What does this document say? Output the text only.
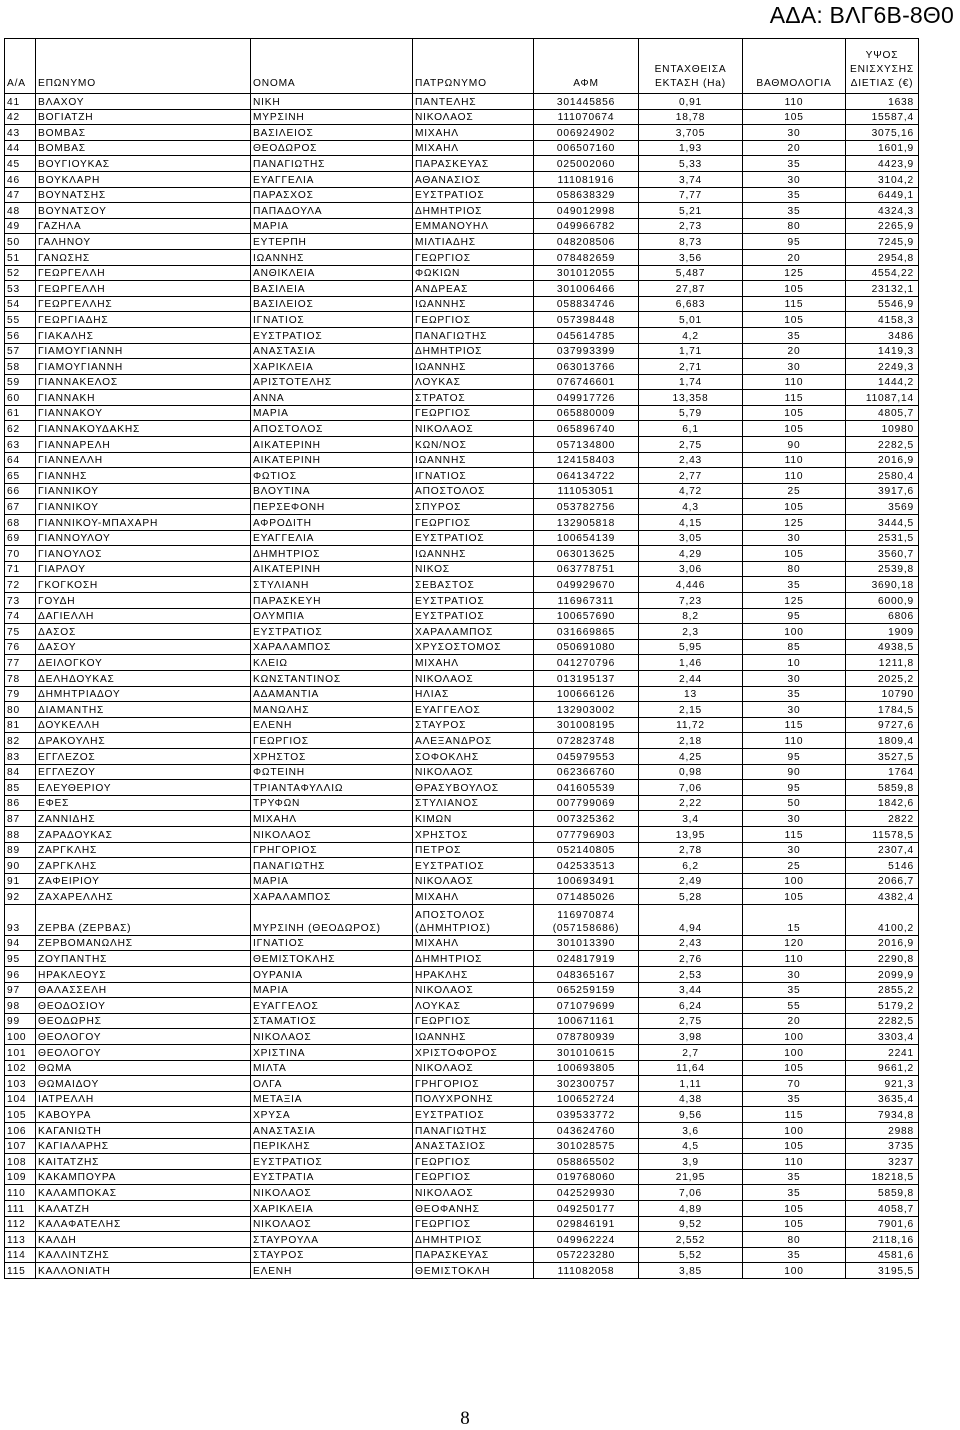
ΑΔΑ: ΒΛΓ6Β-8Θ0
Α/Α	ΕΠΩΝΥΜΟ	ΟΝΟΜΑ	ΠΑΤΡΩΝΥΜΟ	ΑΦΜ	ΕΝΤΑΧΘΕΙΣΑ ΕΚΤΑΣΗ (Ha)	ΒΑΘΜΟΛΟΓΙΑ	ΥΨΟΣ ΕΝΙΣΧΥΣΗΣ ΔΙΕΤΙΑΣ (€)
41	ΒΛΑΧΟΥ	ΝΙΚΗ	ΠΑΝΤΕΛΗΣ	301445856	0,91	110	1638
42	ΒΟΓΙΑΤΖΗ	ΜΥΡΣΙΝΗ	ΝΙΚΟΛΑΟΣ	111070674	18,78	105	15587,4
43	ΒΟΜΒΑΣ	ΒΑΣΙΛΕΙΟΣ	ΜΙΧΑΗΛ	006924902	3,705	30	3075,16
44	ΒΟΜΒΑΣ	ΘΕΟΔΩΡΟΣ	ΜΙΧΑΗΛ	006507160	1,93	20	1601,9
45	ΒΟΥΓΙΟΥΚΑΣ	ΠΑΝΑΓΙΩΤΗΣ	ΠΑΡΑΣΚΕΥΑΣ	025002060	5,33	35	4423,9
46	ΒΟΥΚΛΑΡΗ	ΕΥΑΓΓΕΛΙΑ	ΑΘΑΝΑΣΙΟΣ	111081916	3,74	30	3104,2
47	ΒΟΥΝΑΤΣΗΣ	ΠΑΡΑΣΧΟΣ	ΕΥΣΤΡΑΤΙΟΣ	058638329	7,77	35	6449,1
48	ΒΟΥΝΑΤΣΟΥ	ΠΑΠΑΔΟΥΛΑ	ΔΗΜΗΤΡΙΟΣ	049012998	5,21	35	4324,3
49	ΓΑΖΗΛΑ	ΜΑΡΙΑ	ΕΜΜΑΝΟΥΗΛ	049966782	2,73	80	2265,9
50	ΓΑΛΗΝΟΥ	ΕΥΤΕΡΠΗ	ΜΙΛΤΙΑΔΗΣ	048208506	8,73	95	7245,9
51	ΓΑΝΩΣΗΣ	ΙΩΑΝΝΗΣ	ΓΕΩΡΓΙΟΣ	078482659	3,56	20	2954,8
52	ΓΕΩΡΓΕΛΛΗ	ΑΝΘΙΚΛΕΙΑ	ΦΩΚΙΩΝ	301012055	5,487	125	4554,22
53	ΓΕΩΡΓΕΛΛΗ	ΒΑΣΙΛΕΙΑ	ΑΝΔΡΕΑΣ	301006466	27,87	105	23132,1
54	ΓΕΩΡΓΕΛΛΗΣ	ΒΑΣΙΛΕΙΟΣ	ΙΩΑΝΝΗΣ	058834746	6,683	115	5546,9
55	ΓΕΩΡΓΙΑΔΗΣ	ΙΓΝΑΤΙΟΣ	ΓΕΩΡΓΙΟΣ	057398448	5,01	105	4158,3
56	ΓΙΑΚΑΛΗΣ	ΕΥΣΤΡΑΤΙΟΣ	ΠΑΝΑΓΙΩΤΗΣ	045614785	4,2	35	3486
57	ΓΙΑΜΟΥΓΙΑΝΝΗ	ΑΝΑΣΤΑΣΙΑ	ΔΗΜΗΤΡΙΟΣ	037993399	1,71	20	1419,3
58	ΓΙΑΜΟΥΓΙΑΝΝΗ	ΧΑΡΙΚΛΕΙΑ	ΙΩΑΝΝΗΣ	063013766	2,71	30	2249,3
59	ΓΙΑΝΝΑΚΕΛΟΣ	ΑΡΙΣΤΟΤΕΛΗΣ	ΛΟΥΚΑΣ	076746601	1,74	110	1444,2
60	ΓΙΑΝΝΑΚΗ	ΑΝΝΑ	ΣΤΡΑΤΟΣ	049917726	13,358	115	11087,14
61	ΓΙΑΝΝΑΚΟΥ	ΜΑΡΙΑ	ΓΕΩΡΓΙΟΣ	065880009	5,79	105	4805,7
62	ΓΙΑΝΝΑΚΟΥΔΑΚΗΣ	ΑΠΟΣΤΟΛΟΣ	ΝΙΚΟΛΑΟΣ	065896740	6,1	105	10980
63	ΓΙΑΝΝΑΡΕΛΗ	ΑΙΚΑΤΕΡΙΝΗ	ΚΩΝ/ΝΟΣ	057134800	2,75	90	2282,5
64	ΓΙΑΝΝΕΛΛΗ	ΑΙΚΑΤΕΡΙΝΗ	ΙΩΑΝΝΗΣ	124158403	2,43	110	2016,9
65	ΓΙΑΝΝΗΣ	ΦΩΤΙΟΣ	ΙΓΝΑΤΙΟΣ	064134722	2,77	110	2580,4
66	ΓΙΑΝΝΙΚΟΥ	ΒΛΟΥΤΙΝΑ	ΑΠΟΣΤΟΛΟΣ	111053051	4,72	25	3917,6
67	ΓΙΑΝΝΙΚΟΥ	ΠΕΡΣΕΦΟΝΗ	ΣΠΥΡΟΣ	053782756	4,3	105	3569
68	ΓΙΑΝΝΙΚΟΥ-ΜΠΑΧΑΡΗ	ΑΦΡΟΔΙΤΗ	ΓΕΩΡΓΙΟΣ	132905818	4,15	125	3444,5
69	ΓΙΑΝΝΟΥΛΟΥ	ΕΥΑΓΓΕΛΙΑ	ΕΥΣΤΡΑΤΙΟΣ	100654139	3,05	30	2531,5
70	ΓΙΑΝΟΥΛΟΣ	ΔΗΜΗΤΡΙΟΣ	ΙΩΑΝΝΗΣ	063013625	4,29	105	3560,7
71	ΓΙΑΡΛΟΥ	ΑΙΚΑΤΕΡΙΝΗ	ΝΙΚΟΣ	063778751	3,06	80	2539,8
72	ΓΚΟΓΚΟΣΗ	ΣΤΥΛΙΑΝΗ	ΣΕΒΑΣΤΟΣ	049929670	4,446	35	3690,18
73	ΓΟΥΔΗ	ΠΑΡΑΣΚΕΥΗ	ΕΥΣΤΡΑΤΙΟΣ	116967311	7,23	125	6000,9
74	ΔΑΓΙΕΛΛΗ	ΟΛΥΜΠΙΑ	ΕΥΣΤΡΑΤΙΟΣ	100657690	8,2	95	6806
75	ΔΑΣΟΣ	ΕΥΣΤΡΑΤΙΟΣ	ΧΑΡΑΛΑΜΠΟΣ	031669865	2,3	100	1909
76	ΔΑΣΟΥ	ΧΑΡΑΛΑΜΠΟΣ	ΧΡΥΣΟΣΤΟΜΟΣ	050691080	5,95	85	4938,5
77	ΔΕΙΛΟΓΚΟΥ	ΚΛΕΙΩ	ΜΙΧΑΗΛ	041270796	1,46	10	1211,8
78	ΔΕΛΗΔΟΥΚΑΣ	ΚΩΝΣΤΑΝΤΙΝΟΣ	ΝΙΚΟΛΑΟΣ	013195137	2,44	30	2025,2
79	ΔΗΜΗΤΡΙΑΔΟΥ	ΑΔΑΜΑΝΤΙΑ	ΗΛΙΑΣ	100666126	13	35	10790
80	ΔΙΑΜΑΝΤΗΣ	ΜΑΝΩΛΗΣ	ΕΥΑΓΓΕΛΟΣ	132903002	2,15	30	1784,5
81	ΔΟΥΚΕΛΛΗ	ΕΛΕΝΗ	ΣΤΑΥΡΟΣ	301008195	11,72	115	9727,6
82	ΔΡΑΚΟΥΛΗΣ	ΓΕΩΡΓΙΟΣ	ΑΛΕΞΑΝΔΡΟΣ	072823748	2,18	110	1809,4
83	ΕΓΓΛΕΖΟΣ	ΧΡΗΣΤΟΣ	ΣΟΦΟΚΛΗΣ	045979553	4,25	95	3527,5
84	ΕΓΓΛΕΖΟΥ	ΦΩΤΕΙΝΗ	ΝΙΚΟΛΑΟΣ	062366760	0,98	90	1764
85	ΕΛΕΥΘΕΡΙΟΥ	ΤΡΙΑΝΤΑΦΥΛΛΙΩ	ΘΡΑΣΥΒΟΥΛΟΣ	041605539	7,06	95	5859,8
86	ΕΦΕΣ	ΤΡΥΦΩΝ	ΣΤΥΛΙΑΝΟΣ	007799069	2,22	50	1842,6
87	ΖΑΝΝΙΔΗΣ	ΜΙΧΑΗΛ	ΚΙΜΩΝ	007325362	3,4	30	2822
88	ΖΑΡΑΔΟΥΚΑΣ	ΝΙΚΟΛΑΟΣ	ΧΡΗΣΤΟΣ	077796903	13,95	115	11578,5
89	ΖΑΡΓΚΛΗΣ	ΓΡΗΓΟΡΙΟΣ	ΠΕΤΡΟΣ	052140805	2,78	30	2307,4
90	ΖΑΡΓΚΛΗΣ	ΠΑΝΑΓΙΩΤΗΣ	ΕΥΣΤΡΑΤΙΟΣ	042533513	6,2	25	5146
91	ΖΑΦΕΙΡΙΟΥ	ΜΑΡΙΑ	ΝΙΚΟΛΑΟΣ	100693491	2,49	100	2066,7
92	ΖΑΧΑΡΕΛΛΗΣ	ΧΑΡΑΛΑΜΠΟΣ	ΜΙΧΑΗΛ	071485026	5,28	105	4382,4
93	ΖΕΡΒΑ (ΖΕΡΒΑΣ)	ΜΥΡΣΙΝΗ (ΘΕΟΔΩΡΟΣ)	ΑΠΟΣΤΟΛΟΣ (ΔΗΜΗΤΡΙΟΣ)	116970874 (057158686)	4,94	15	4100,2
94	ΖΕΡΒΟΜΑΝΩΛΗΣ	ΙΓΝΑΤΙΟΣ	ΜΙΧΑΗΛ	301013390	2,43	120	2016,9
95	ΖΟΥΠΑΝΤΗΣ	ΘΕΜΙΣΤΟΚΛΗΣ	ΔΗΜΗΤΡΙΟΣ	024817919	2,76	110	2290,8
96	ΗΡΑΚΛΕΟΥΣ	ΟΥΡΑΝΙΑ	ΗΡΑΚΛΗΣ	048365167	2,53	30	2099,9
97	ΘΑΛΑΣΣΕΛΗ	ΜΑΡΙΑ	ΝΙΚΟΛΑΟΣ	065259159	3,44	35	2855,2
98	ΘΕΟΔΟΣΙΟΥ	ΕΥΑΓΓΕΛΟΣ	ΛΟΥΚΑΣ	071079699	6,24	55	5179,2
99	ΘΕΟΔΩΡΗΣ	ΣΤΑΜΑΤΙΟΣ	ΓΕΩΡΓΙΟΣ	100671161	2,75	20	2282,5
100	ΘΕΟΛΟΓΟΥ	ΝΙΚΟΛΑΟΣ	ΙΩΑΝΝΗΣ	078780939	3,98	100	3303,4
101	ΘΕΟΛΟΓΟΥ	ΧΡΙΣΤΙΝΑ	ΧΡΙΣΤΟΦΟΡΟΣ	301010615	2,7	100	2241
102	ΘΩΜΑ	ΜΙΛΤΑ	ΝΙΚΟΛΑΟΣ	100693805	11,64	105	9661,2
103	ΘΩΜΑΙΔΟΥ	ΟΛΓΑ	ΓΡΗΓΟΡΙΟΣ	302300757	1,11	70	921,3
104	ΙΑΤΡΕΛΛΗ	ΜΕΤΑΞΙΑ	ΠΟΛΥΧΡΟΝΗΣ	100652724	4,38	35	3635,4
105	ΚΑΒΟΥΡΑ	ΧΡΥΣΑ	ΕΥΣΤΡΑΤΙΟΣ	039533772	9,56	115	7934,8
106	ΚΑΓΑΝΙΩΤΗ	ΑΝΑΣΤΑΣΙΑ	ΠΑΝΑΓΙΩΤΗΣ	043624760	3,6	100	2988
107	ΚΑΓΙΑΛΑΡΗΣ	ΠΕΡΙΚΛΗΣ	ΑΝΑΣΤΑΣΙΟΣ	301028575	4,5	105	3735
108	ΚΑΙΤΑΤΖΗΣ	ΕΥΣΤΡΑΤΙΟΣ	ΓΕΩΡΓΙΟΣ	058865502	3,9	110	3237
109	ΚΑΚΑΜΠΟΥΡΑ	ΕΥΣΤΡΑΤΙΑ	ΓΕΩΡΓΙΟΣ	019768060	21,95	35	18218,5
110	ΚΑΛΑΜΠΟΚΑΣ	ΝΙΚΟΛΑΟΣ	ΝΙΚΟΛΑΟΣ	042529930	7,06	35	5859,8
111	ΚΑΛΑΤΖΗ	ΧΑΡΙΚΛΕΙΑ	ΘΕΟΦΑΝΗΣ	049250177	4,89	105	4058,7
112	ΚΑΛΑΦΑΤΕΛΗΣ	ΝΙΚΟΛΑΟΣ	ΓΕΩΡΓΙΟΣ	029846191	9,52	105	7901,6
113	ΚΑΛΔΗ	ΣΤΑΥΡΟΥΛΑ	ΔΗΜΗΤΡΙΟΣ	049962224	2,552	80	2118,16
114	ΚΑΛΛΙΝΤΖΗΣ	ΣΤΑΥΡΟΣ	ΠΑΡΑΣΚΕΥΑΣ	057223280	5,52	35	4581,6
115	ΚΑΛΛΟΝΙΑΤΗ	ΕΛΕΝΗ	ΘΕΜΙΣΤΟΚΛΗ	111082058	3,85	100	3195,5
8
